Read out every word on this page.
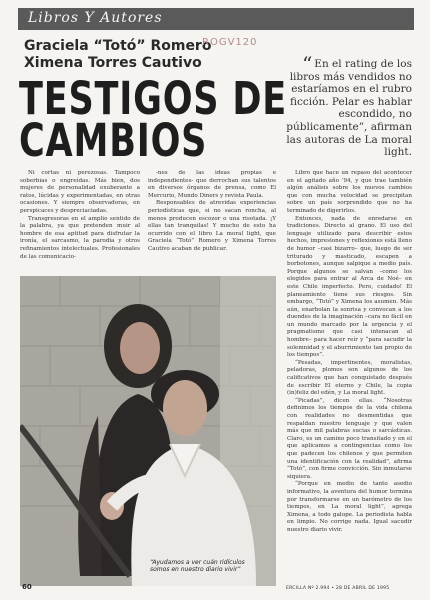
Libros Y Autores
Graciela “Totó” Romero
Ximena Torres Cautivo
ROGV120
TESTIGOS DE
CAMBIOS
“ En el rating de los libros más vendidos no estaríamos en el rubro ficción. Pelar es hablar escondido, no públicamente”, afirman las autoras de La moral light.

Ni cortas ni perezosas. Tampoco soberbias o engreídas. Más bien, dos mujeres de personalidad exuberante a ratos, lúcidas y experimentadas, en otras ocasiones. Y siempre observadoras, en perspicaces y despreciaciadas.

Transgresoras en el amplio sentido de la palabra, ya que pretenden muir al hombre de esa aptitud para disfrutar la ironía, el sarcasmo, la parodia y otros refinamientos intelectuales. Profesionales de las comunicacio-

-nes de las ideas propias e independientes- que derrochan sus talentos en diversos órganos de prensa, como El Mercurio, Mundo Diners y revista Paula.

Responsables de atrevidas experiencias periodísticas que, si no sacan roncha, al menos producen escozor o una risotada. ¡Y ellas tan tranquilas! Y mucho de esto ha ocurrido con el libro La moral light, que Graciela “Totó” Romero y Ximena Torres Cautivo acaban de publicar.

Libro que hace un repaso del acontecer en el agitado año ’94, y que trae también algún análisis sobre los nuevos cambios que con mucha velocidad se precipitan sobre un país sorprendido que no ha terminado de digerirlos.

Entonces, nada de enredarse en tradiciones. Directo al grano. El uso del lenguaje utilizado para describir estos hechos, impresiones y reflexiones está lleno de humor –casi bizarro– que, luego de ser triturado y masticado, escapen a borbotones, aunque salpique a medio país. Porque algunos se salvan –como los elegidos para entrar al Arca de Noé– en este Chile imperfecto. Pero, cuidado! El planeamiento tiene sus riesgos. Sin embargo, “Totó” y Ximena los asumen. Más aún, enarbolan la sonrisa y convocan a los duendes de la imaginación –cara no fácil en un mundo marcado por la urgencia y el pragmatismo que casi intenacan al hombre– para hacer reír y “para sacudir la solemnidad y el aburrimiento tan propio de los tiempos”.

“Pesadas, impertinentes, moralistas, peladoras, plomos son algunos de los calificativos que han conquistado después de escribir El eterno y Chile, la copia (in)feliz del edén, y La moral light.

“Picadas”, dicen ellas. “Nosotras definimos los tiempos de la vida chilena con realidades no desmentidas que respaldan nuestro lenguaje y que valen más que mil palabras sucias o sarcásticas. Claro, es un camino poco transitado y en el que aplicamos a contingencias como los que padecen los chilenos y que permiten una identificación con la realidad”, afirma “Totó”, con firme convicción. Sin inmutarse siquiera.

“Porque en medio de tanto asedio informativo, la aventura del humor termina por transformarse en un barómetro de los tiempos, en La moral light”, agrega Ximena, a todo galope. La periodista habla en limpio. No corrige nada. Igual sacudir nuestro diario vivir.

“Ayudamos a ver cuán ridículos somos en nuestro diario vivir”
60	ERCILLA Nº 2.994 • 28 DE ABRIL DE 1995
